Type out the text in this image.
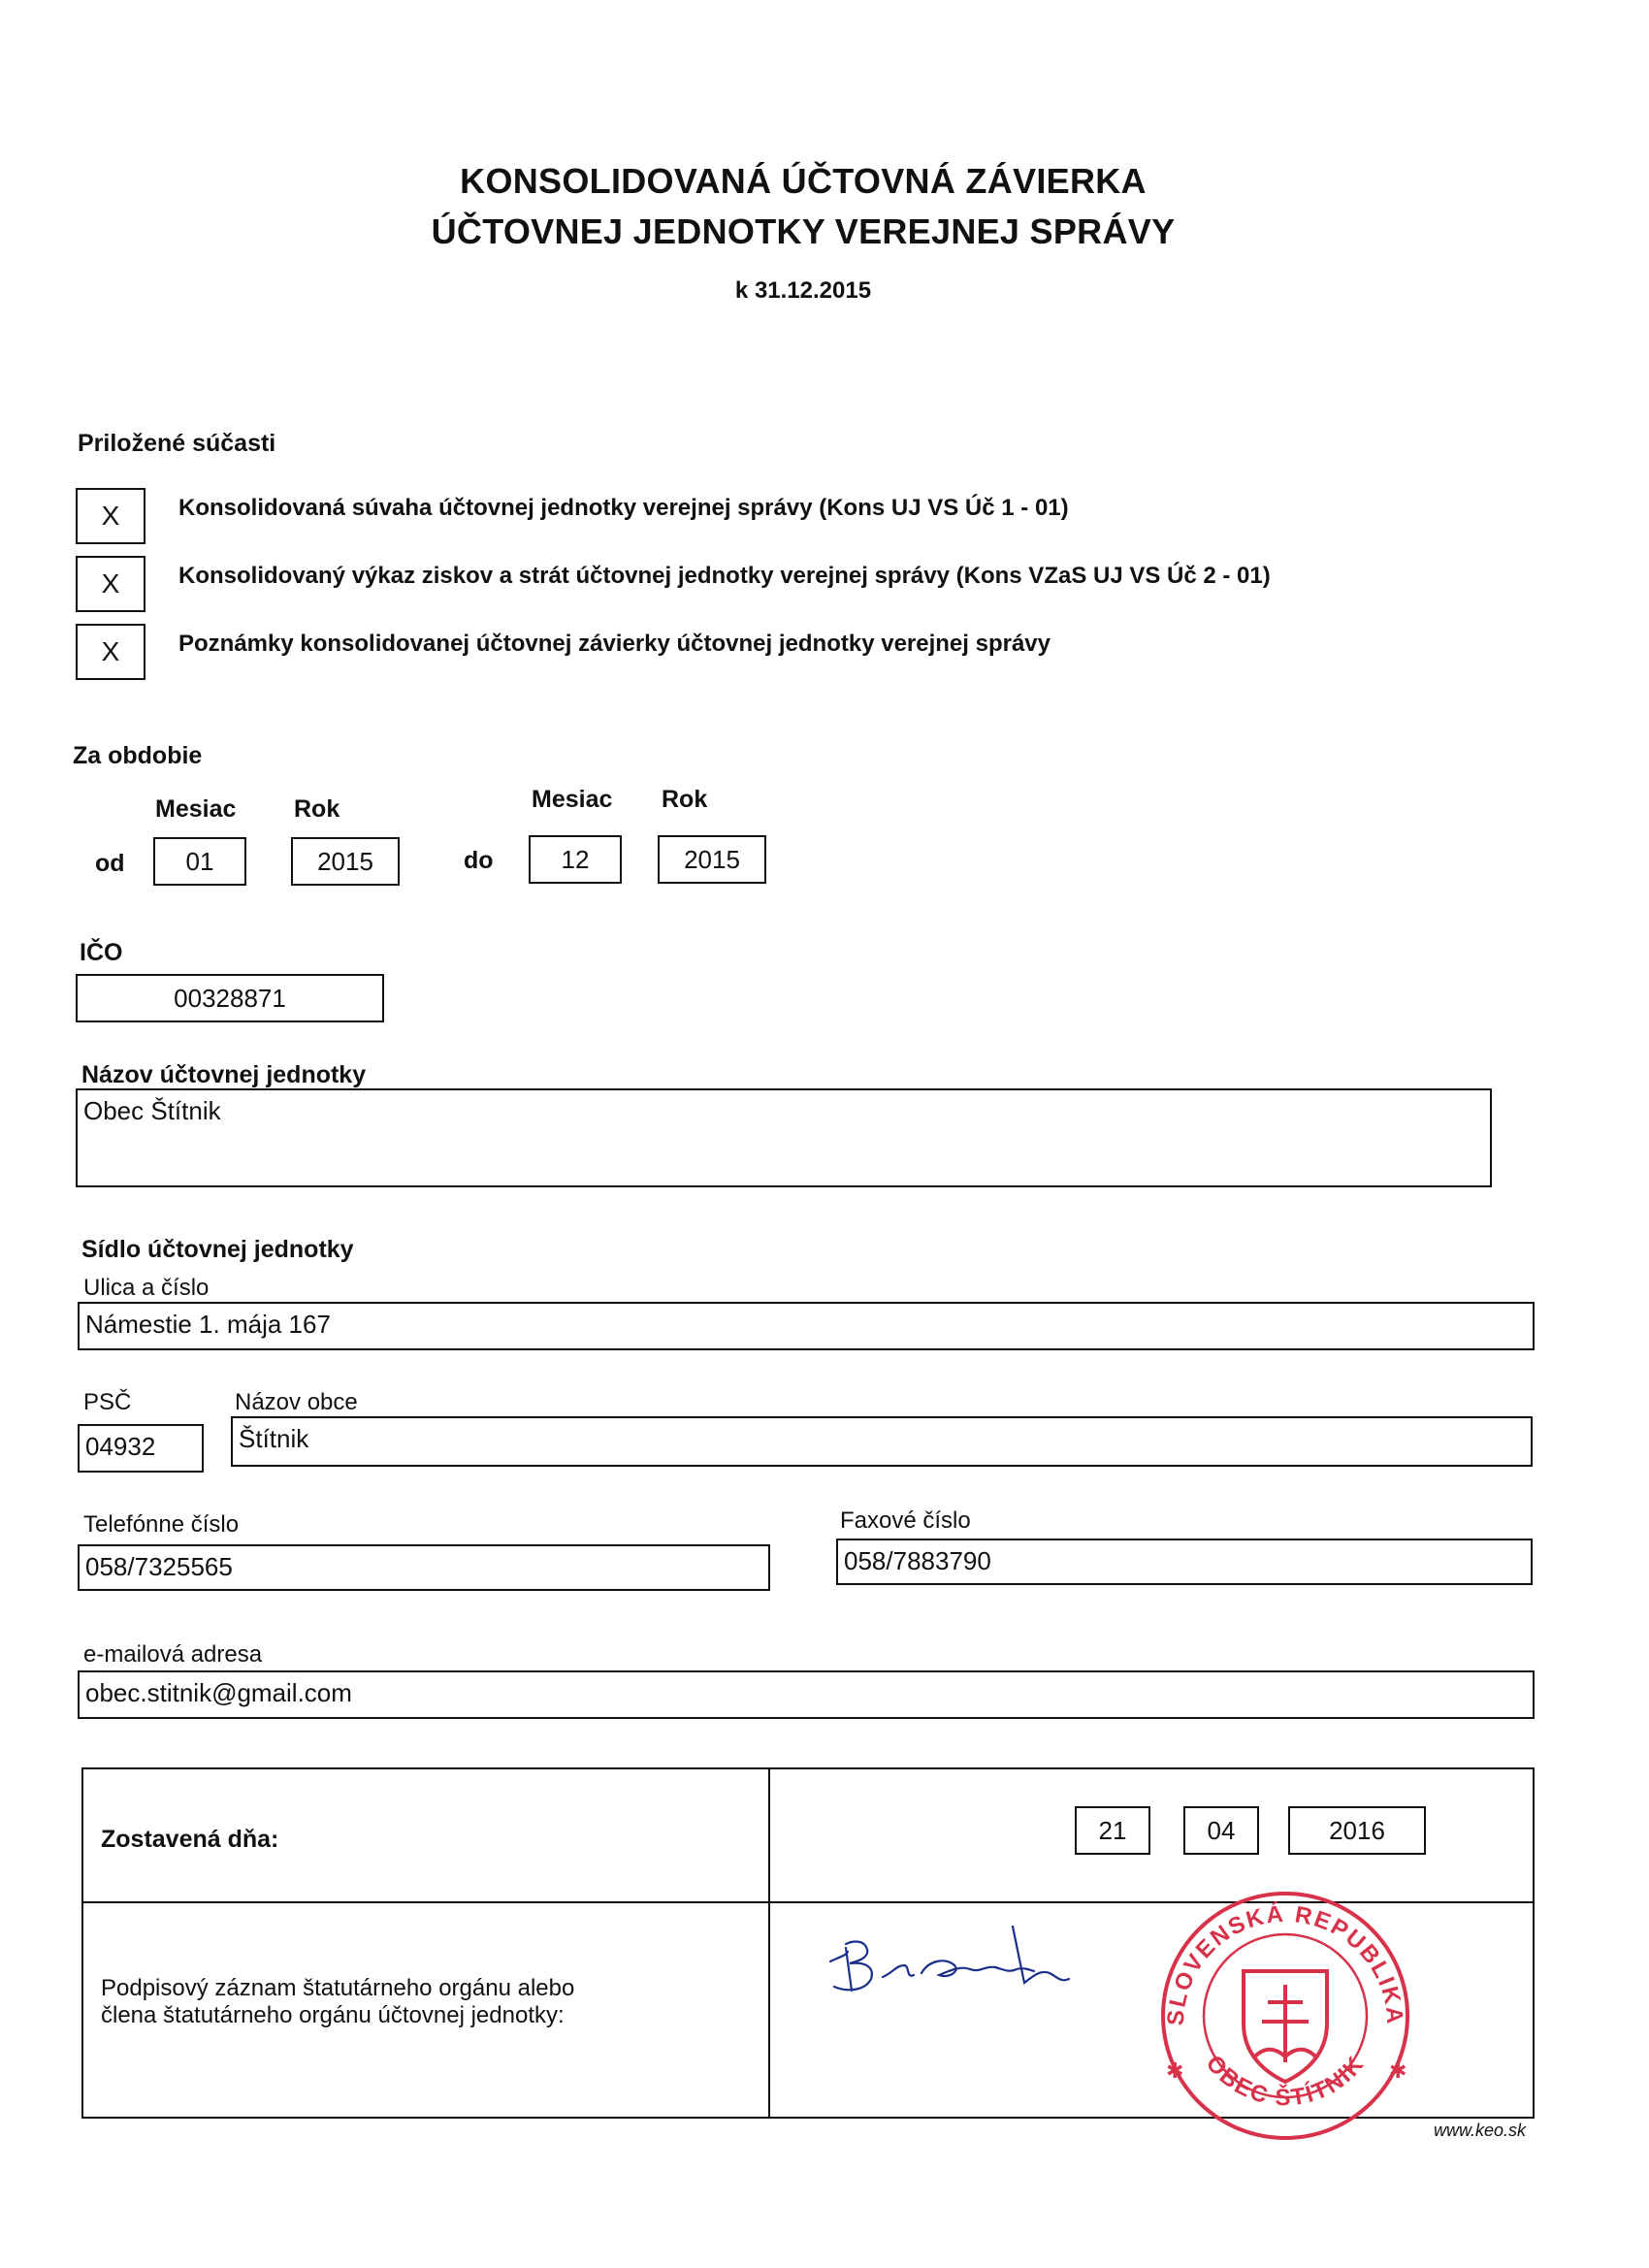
KONSOLIDOVANÁ ÚČTOVNÁ ZÁVIERKA
ÚČTOVNEJ JEDNOTKY VEREJNEJ SPRÁVY
k 31.12.2015
Priložené súčasti
X	Konsolidovaná súvaha účtovnej jednotky verejnej správy (Kons UJ VS Úč 1 - 01)
X	Konsolidovaný výkaz ziskov a strát účtovnej jednotky verejnej správy (Kons VZaS UJ VS Úč 2 - 01)
X	Poznámky konsolidovanej účtovnej závierky účtovnej jednotky verejnej správy
Za obdobie
Mesiac Rok	Mesiac Rok
od	01	2015	do	12	2015
IČO
00328871
Názov účtovnej jednotky
Obec Štítnik
Sídlo účtovnej jednotky
Ulica a číslo
Námestie 1. mája 167
PSČ	Názov obce
04932	Štítnik
Telefónne číslo
058/7325565
Faxové číslo
058/7883790
e-mailová adresa
obec.stitnik@gmail.com
Zostavená dňa:	21	04	2016
Podpisový záznam štatutárneho orgánu alebo
člena štatutárneho orgánu účtovnej jednotky:	SLOVENSKÁ REPUBLIKA
OBEC ŠTÍTNIK
✱	✱
www.keo.sk
